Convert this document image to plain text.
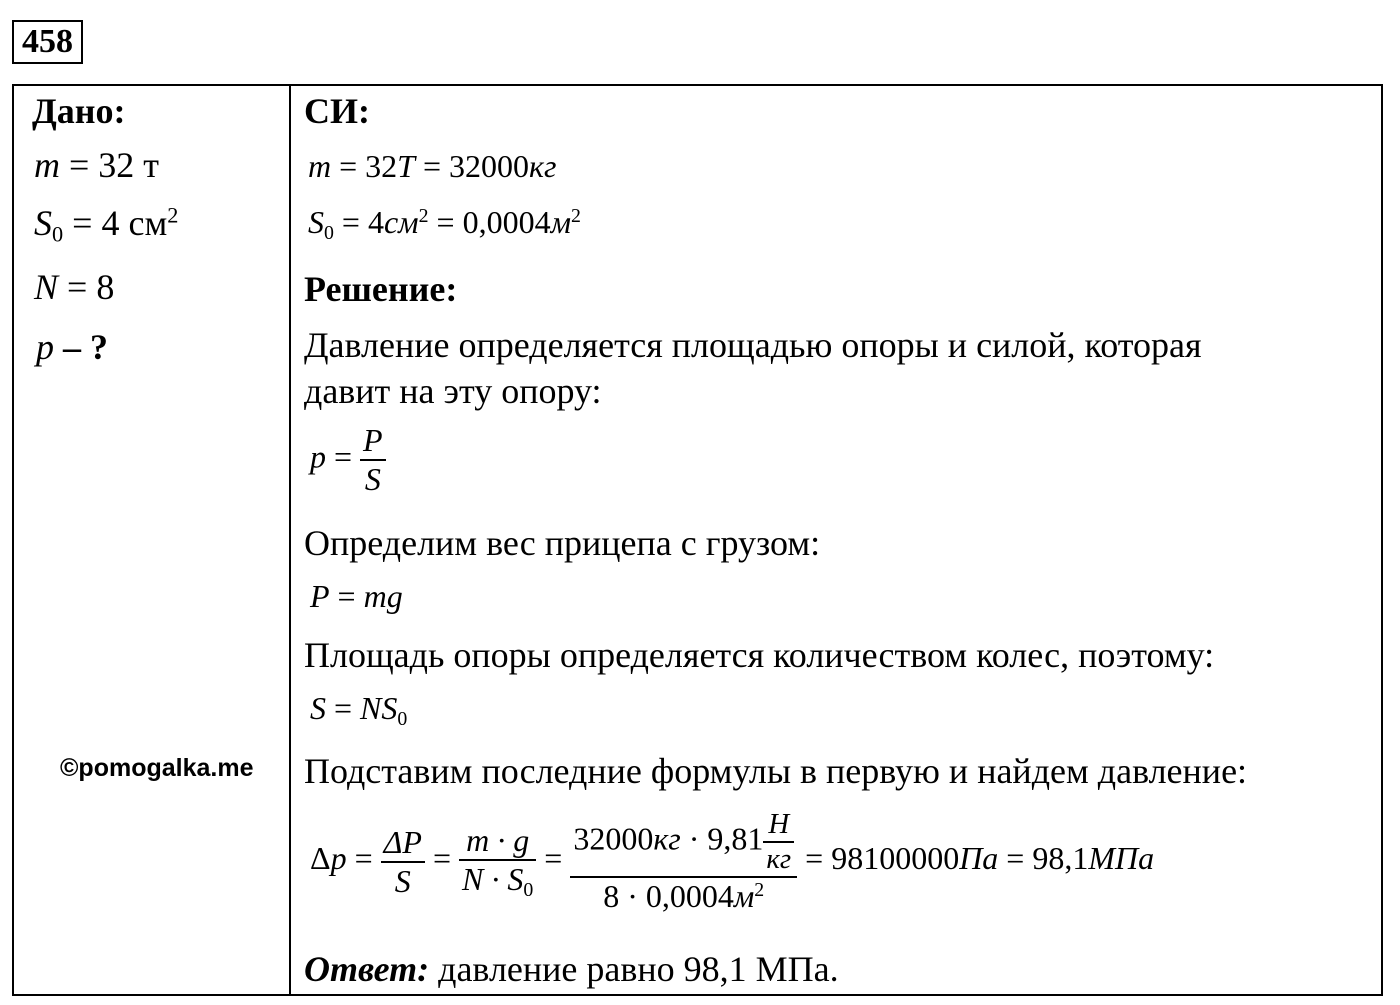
458
Дано:
m = 32 т
$S_0 = 4$ $см^2$
N = 8
p – ?
©pomogalka.me
СИ:
m = 32T = 32000кг
$S_0 = 4см^2 = 0,0004м^2$
Решение:
Давление определяется площадью опоры и силой, которая
давит на эту опору:
$p = \frac{P}{S}$
Определим вес прицепа с грузом:
P = mg
Площадь опоры определяется количеством колес, поэтому:
$S = NS_0$
Подставим последние формулы в первую и найдем давление:
$\Delta p = \frac{\Delta P}{S} = \frac{m \cdot g}{N \cdot S_0} = \frac{32000кг \cdot 9,81 \frac{Н}{кг}}{8 \cdot 0,0004м^2} = 98100000Па = 98,1МПа$
Ответ: давление равно 98,1 МПа.
